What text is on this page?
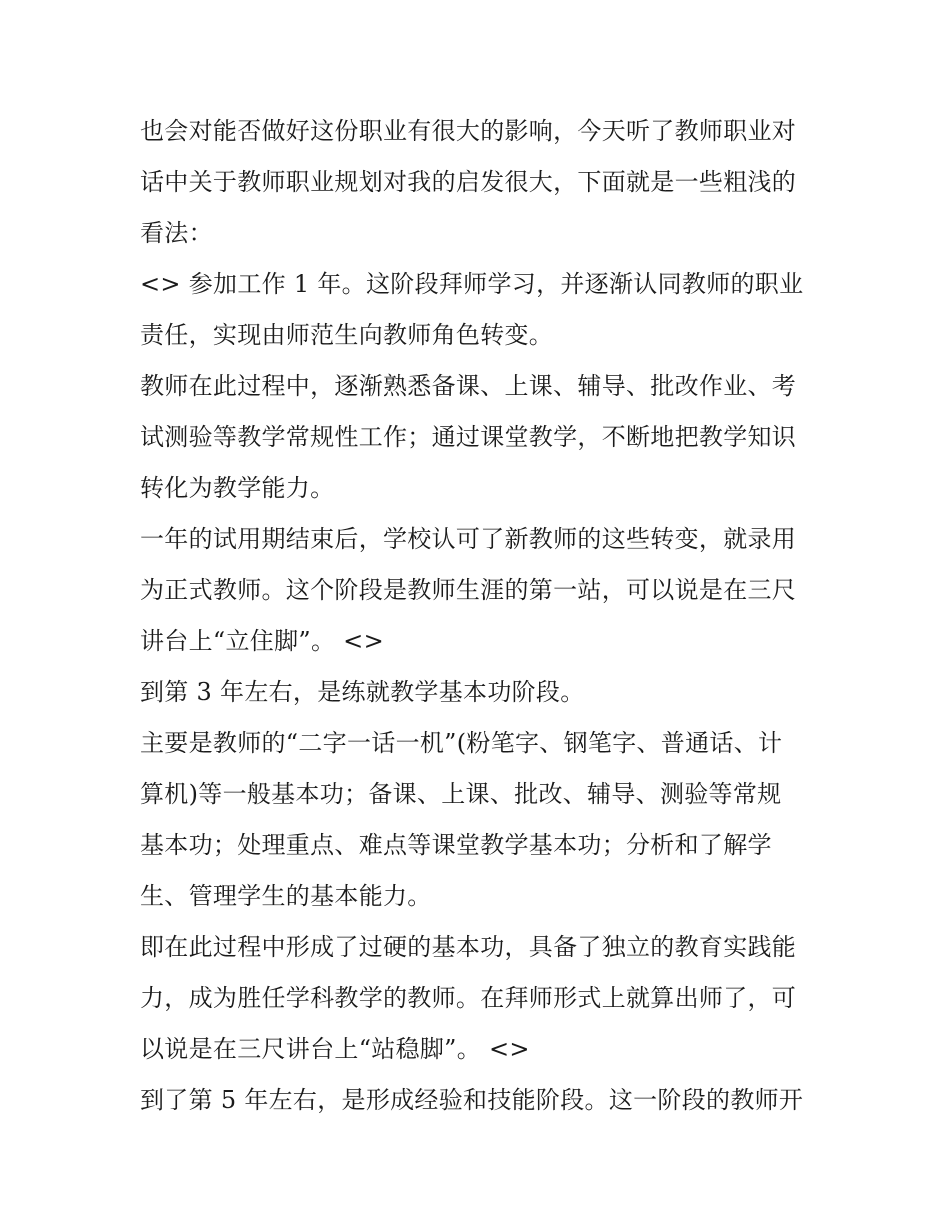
也会对能否做好这份职业有很大的影响，今天听了教师职业对
话中关于教师职业规划对我的启发很大，下面就是一些粗浅的
看法：
<> 参加工作 1 年。这阶段拜师学习，并逐渐认同教师的职业
责任，实现由师范生向教师角色转变。
教师在此过程中，逐渐熟悉备课、上课、辅导、批改作业、考
试测验等教学常规性工作；通过课堂教学，不断地把教学知识
转化为教学能力。
一年的试用期结束后，学校认可了新教师的这些转变，就录用
为正式教师。这个阶段是教师生涯的第一站，可以说是在三尺
讲台上“立住脚”。 <>
到第 3 年左右，是练就教学基本功阶段。
主要是教师的“二字一话一机”(粉笔字、钢笔字、普通话、计
算机)等一般基本功；备课、上课、批改、辅导、测验等常规
基本功；处理重点、难点等课堂教学基本功；分析和了解学
生、管理学生的基本能力。
即在此过程中形成了过硬的基本功，具备了独立的教育实践能
力，成为胜任学科教学的教师。在拜师形式上就算出师了，可
以说是在三尺讲台上“站稳脚”。 <>
到了第 5 年左右，是形成经验和技能阶段。这一阶段的教师开
